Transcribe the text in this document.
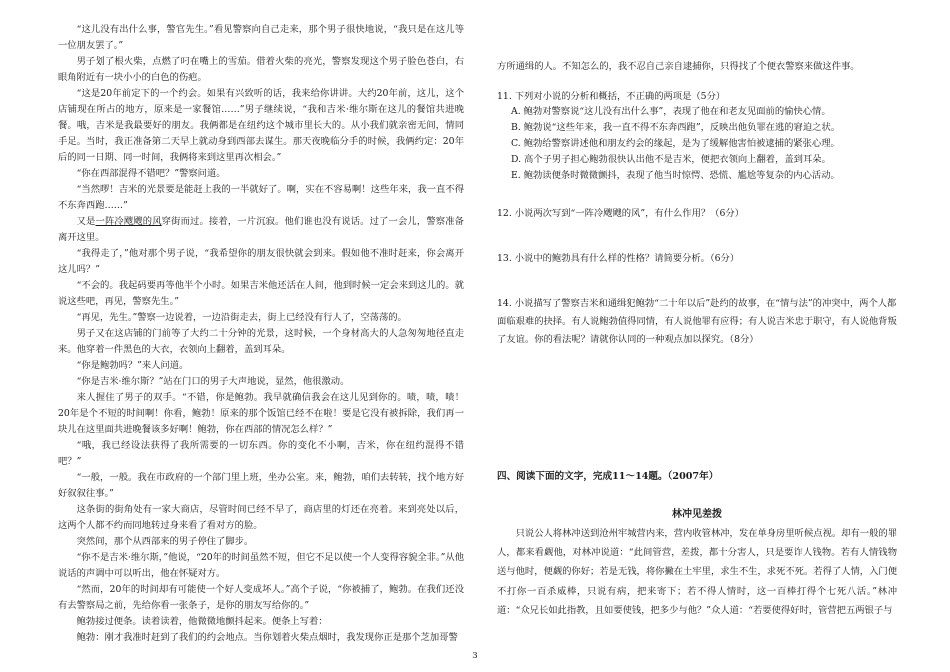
“这儿没有出什么事，警官先生。”看见警察向自己走来，那个男子很快地说，“我只是在这儿等一位朋友罢了。”

男子划了根火柴，点燃了叼在嘴上的雪茄。借着火柴的亮光，警察发现这个男子脸色苍白，右眼角附近有一块小小的白色的伤疤。

“这是20年前定下的一个约会。如果有兴致听的话，我来给你讲讲。大约20年前，这儿，这个店铺现在所占的地方，原来是一家餐馆……”男子继续说，“我和吉米·维尔斯在这儿的餐馆共进晚餐。哦，吉米是我最要好的朋友。我俩都是在纽约这个城市里长大的。从小我们就亲密无间，情同手足。当时，我正准备第二天早上就动身到西部去谋生。那天夜晚临分手的时候，我俩约定：20年后的同一日期、同一时间，我俩将来到这里再次相会。”

“你在西部混得不错吧？”警察问道。

“当然啰！吉米的光景要是能赶上我的一半就好了。啊，实在不容易啊！这些年来，我一直不得不东奔西跑……”

又是一阵冷飕飕的风穿街而过。接着，一片沉寂。他们谁也没有说话。过了一会儿，警察准备离开这里。

“我得走了，”他对那个男子说，“我希望你的朋友很快就会到来。假如他不准时赶来，你会离开这儿吗？”

“不会的。我起码要再等他半个小时。如果吉米他还活在人间，他到时候一定会来到这儿的。就说这些吧，再见，警察先生。”

“再见，先生。”警察一边说着，一边沿街走去，街上已经没有行人了，空荡荡的。

男子又在这店铺的门前等了大约二十分钟的光景，这时候，一个身材高大的人急匆匆地径直走来。他穿着一件黑色的大衣，衣领向上翻着，盖到耳朵。

“你是鲍勃吗？”来人问道。

“你是吉米·维尔斯？”站在门口的男子大声地说，显然，他很激动。

来人握住了男子的双手。“不错，你是鲍勃。我早就确信我会在这儿见到你的。啧，啧，啧！20年是个不短的时间啊！你看，鲍勃！原来的那个饭馆已经不在啦！要是它没有被拆除，我们再一块儿在这里面共进晚餐该多好啊！鲍勃，你在西部的情况怎么样？”

“哦，我已经设法获得了我所需要的一切东西。你的变化不小啊，吉米，你在纽约混得不错吧？”

“一般，一般。我在市政府的一个部门里上班，坐办公室。来，鲍勃，咱们去转转，找个地方好好叙叙往事。”

这条街的街角处有一家大商店，尽管时间已经不早了，商店里的灯还在亮着。来到亮处以后，这两个人都不约而同地转过身来看了看对方的脸。

突然间，那个从西部来的男子停住了脚步。

“你不是吉米·维尔斯，”他说，“20年的时间虽然不短，但它不足以使一个人变得容貌全非。”从他说话的声调中可以听出，他在怀疑对方。

“然而，20年的时间却有可能使一个好人变成坏人。”高个子说，“你被捕了，鲍勃。在我们还没有去警察局之前，先给你看一张条子，是你的朋友写给你的。”

鲍勃接过便条。读着读着，他微微地颤抖起来。便条上写着：

鲍勃：刚才我准时赶到了我们的约会地点。当你划着火柴点烟时，我发现你正是那个芝加哥警

方所通缉的人。不知怎么的，我不忍自己亲自逮捕你，只得找了个便衣警察来做这件事。

11. 下列对小说的分析和概括，不正确的两项是（5分）

A. 鲍勃对警察说“这儿没有出什么事”，表现了他在和老友见面前的愉快心情。

B. 鲍勃说“这些年来，我一直不得不东奔西跑”，反映出他负罪在逃的窘迫之状。

C. 鲍勃给警察讲述他和朋友约会的缘起，是为了缓解他害怕被逮捕的紧张心理。

D. 高个子男子担心鲍勃很快认出他不是吉米，便把衣领向上翻着，盖到耳朵。

E. 鲍勃读便条时微微颤抖，表现了他当时惊愕、恐慌、尴尬等复杂的内心活动。

12. 小说两次写到“一阵冷飕飕的风”，有什么作用？（6分）

13. 小说中的鲍勃具有什么样的性格？请简要分析。（6分）

14. 小说描写了警察吉米和通缉犯鲍勃“二十年以后”赴约的故事，在“情与法”的冲突中，两个人都面临艰难的抉择。有人说鲍勃值得同情，有人说他罪有应得；有人说吉米忠于职守，有人说他背叛了友谊。你的看法呢？请就你认同的一种观点加以探究。（8分）

四、阅读下面的文字，完成11～14题。（2007年）

林冲见差拨

只说公人将林冲送到沧州牢城营内来，营内收管林冲，发在单身房里听候点视。却有一般的罪人，都来看觑他，对林冲说道：“此间管营，差拨，都十分害人，只是要诈人钱物。若有人情钱物送与他时，便觑的你好；若是无钱，将你撇在土牢里，求生不生，求死不死。若得了人情，入门便不打你一百杀威棒，只说有病，把来寄下；若不得人情时，这一百棒打得个七死八活。”林冲道：“众兄长如此指教，且如要使钱，把多少与他？”众人道：“若要使得好时，管营把五两银子与

3
